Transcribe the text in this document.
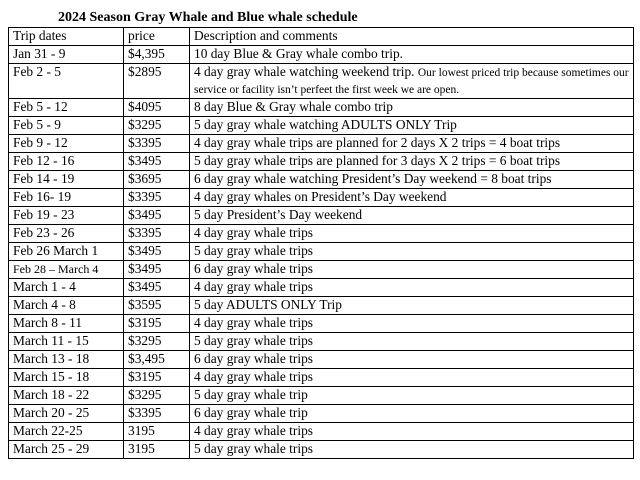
2024 Season Gray Whale and Blue whale schedule
Trip dates	price	Description and comments
Jan 31 - 9	$4,395	10 day Blue & Gray whale combo trip.
Feb 2 - 5	$2895	4 day gray whale watching weekend trip. Our lowest priced trip because sometimes our service or facility isn’t perfeet the first week we are open.
Feb 5 - 12	$4095	8 day Blue & Gray whale combo trip
Feb 5 - 9	$3295	5 day gray whale watching ADULTS ONLY Trip
Feb 9 - 12	$3395	4 day gray whale trips are planned for 2 days X 2 trips = 4 boat trips
Feb 12 - 16	$3495	5 day gray whale trips are planned for 3 days X 2 trips = 6 boat trips
Feb 14 - 19	$3695	6 day gray whale watching President’s Day weekend = 8 boat trips
Feb 16- 19	$3395	4 day gray whales on President’s Day weekend
Feb 19 - 23	$3495	5 day President’s Day weekend
Feb 23 - 26	$3395	4 day gray whale trips
Feb 26 March 1	$3495	5 day gray whale trips
Feb 28 – March 4	$3495	6 day gray whale trips
March 1 - 4	$3495	4 day gray whale trips
March 4 - 8	$3595	5 day ADULTS ONLY Trip
March 8 - 11	$3195	4 day gray whale trips
March 11 - 15	$3295	5 day gray whale trips
March 13 - 18	$3,495	6 day gray whale trips
March 15 - 18	$3195	4 day gray whale trips
March 18 - 22	$3295	5 day gray whale trip
March 20 - 25	$3395	6 day gray whale trip
March 22-25	3195	4 day gray whale trips
March 25 - 29	3195	5 day gray whale trips
